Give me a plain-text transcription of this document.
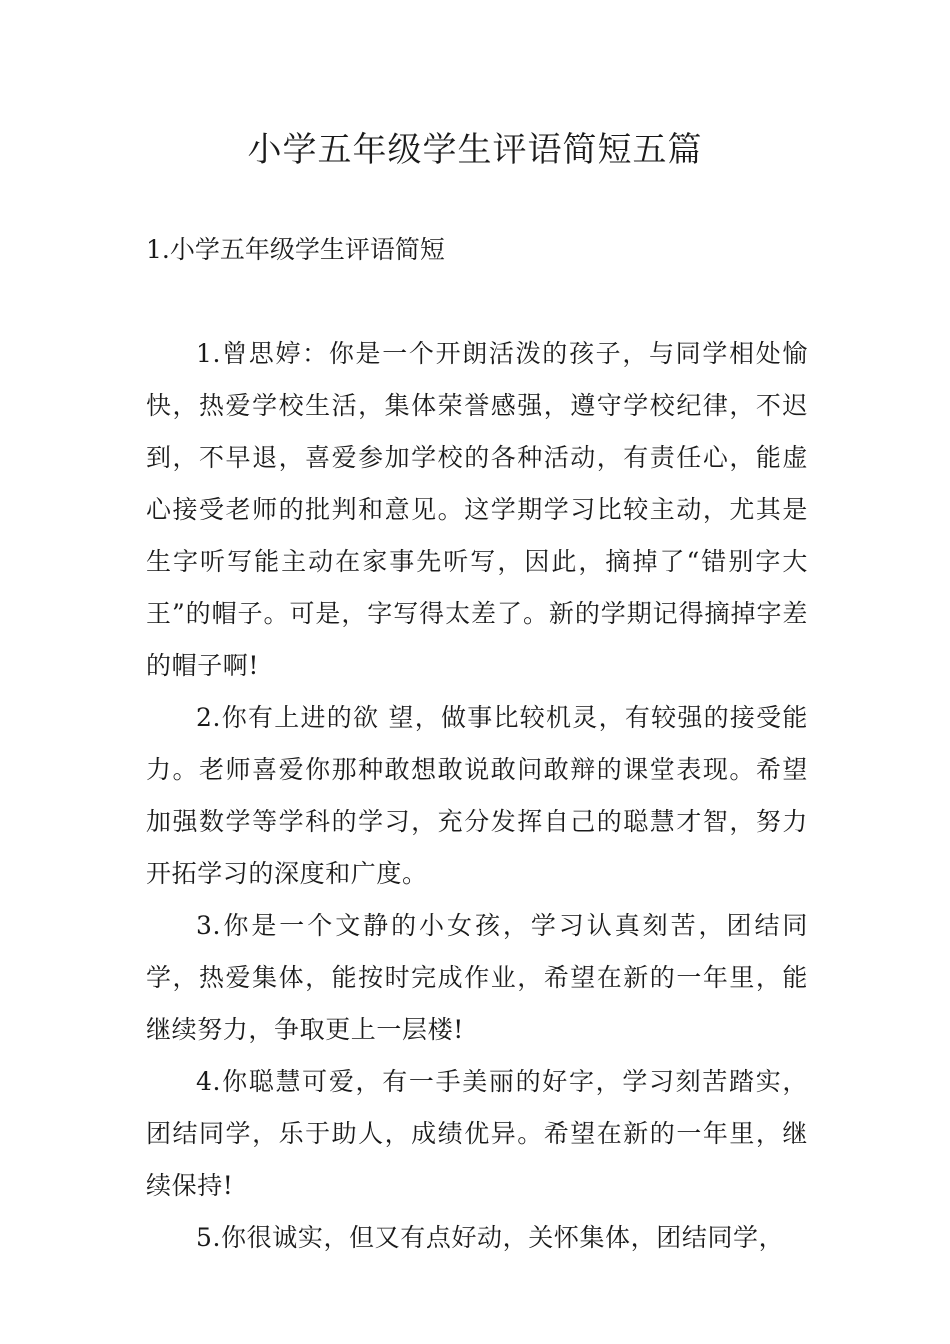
小学五年级学生评语简短五篇
1.小学五年级学生评语简短

1.曾思婷：你是一个开朗活泼的孩子，与同学相处愉快，热爱学校生活，集体荣誉感强，遵守学校纪律，不迟到，不早退，喜爱参加学校的各种活动，有责任心，能虚心接受老师的批判和意见。这学期学习比较主动，尤其是生字听写能主动在家事先听写，因此，摘掉了“错别字大王”的帽子。可是，字写得太差了。新的学期记得摘掉字差的帽子啊!

2.你有上进的欲 望，做事比较机灵，有较强的接受能力。老师喜爱你那种敢想敢说敢问敢辩的课堂表现。希望加强数学等学科的学习，充分发挥自己的聪慧才智，努力开拓学习的深度和广度。

3.你是一个文静的小女孩，学习认真刻苦，团结同学，热爱集体，能按时完成作业，希望在新的一年里，能继续努力，争取更上一层楼!

4.你聪慧可爱，有一手美丽的好字，学习刻苦踏实，团结同学，乐于助人，成绩优异。希望在新的一年里，继续保持!

5.你很诚实，但又有点好动，关怀集体，团结同学，
